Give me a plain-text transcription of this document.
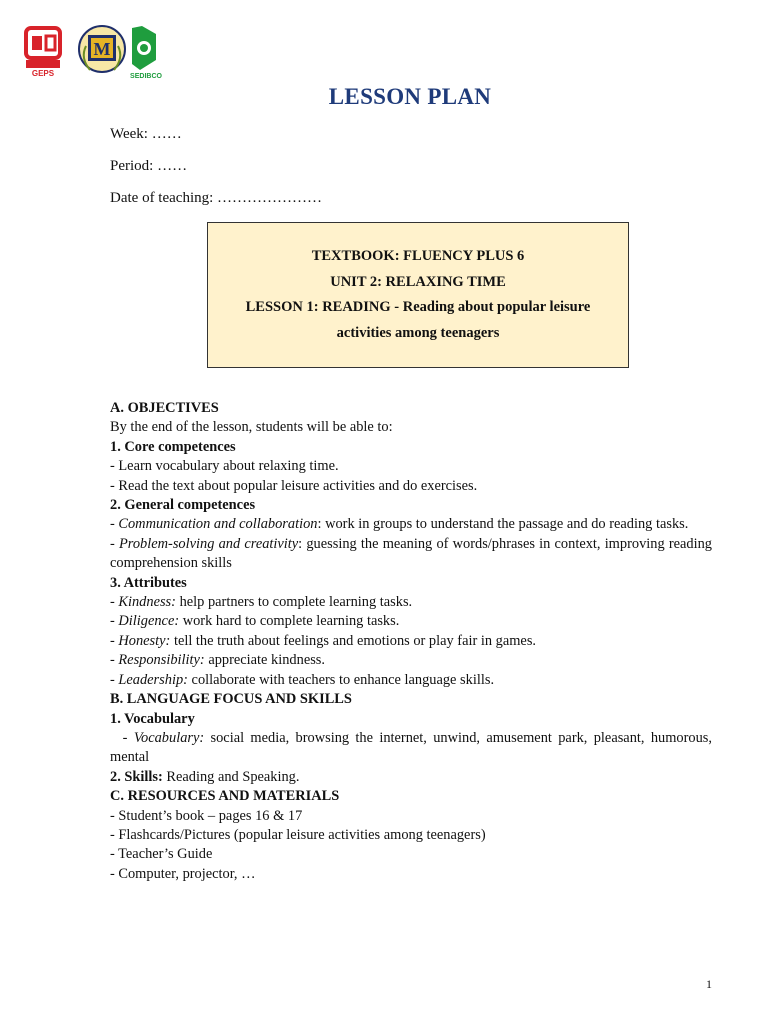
GEPS
M
SEDIBCO
LESSON PLAN
Week: ……
Period: ……
Date of teaching: …………………
TEXTBOOK: FLUENCY PLUS 6
UNIT 2: RELAXING TIME
LESSON 1: READING - Reading about popular leisure
activities among teenagers

A. OBJECTIVES

By the end of the lesson, students will be able to:

1. Core competences

- Learn vocabulary about relaxing time.

- Read the text about popular leisure activities and do exercises.

2. General competences

- Communication and collaboration: work in groups to understand the passage and do reading tasks.

- Problem-solving and creativity: guessing the meaning of words/phrases in context, improving reading comprehension skills

3. Attributes

- Kindness: help partners to complete learning tasks.

- Diligence: work hard to complete learning tasks.

- Honesty: tell the truth about feelings and emotions or play fair in games.

- Responsibility: appreciate kindness.

- Leadership: collaborate with teachers to enhance language skills.

B. LANGUAGE FOCUS AND SKILLS

1. Vocabulary

- Vocabulary: social media, browsing the internet, unwind, amusement park, pleasant, humorous, mental

2. Skills: Reading and Speaking.

C. RESOURCES AND MATERIALS

- Student’s book – pages 16 & 17

- Flashcards/Pictures (popular leisure activities among teenagers)

- Teacher’s Guide

- Computer, projector, …

1
